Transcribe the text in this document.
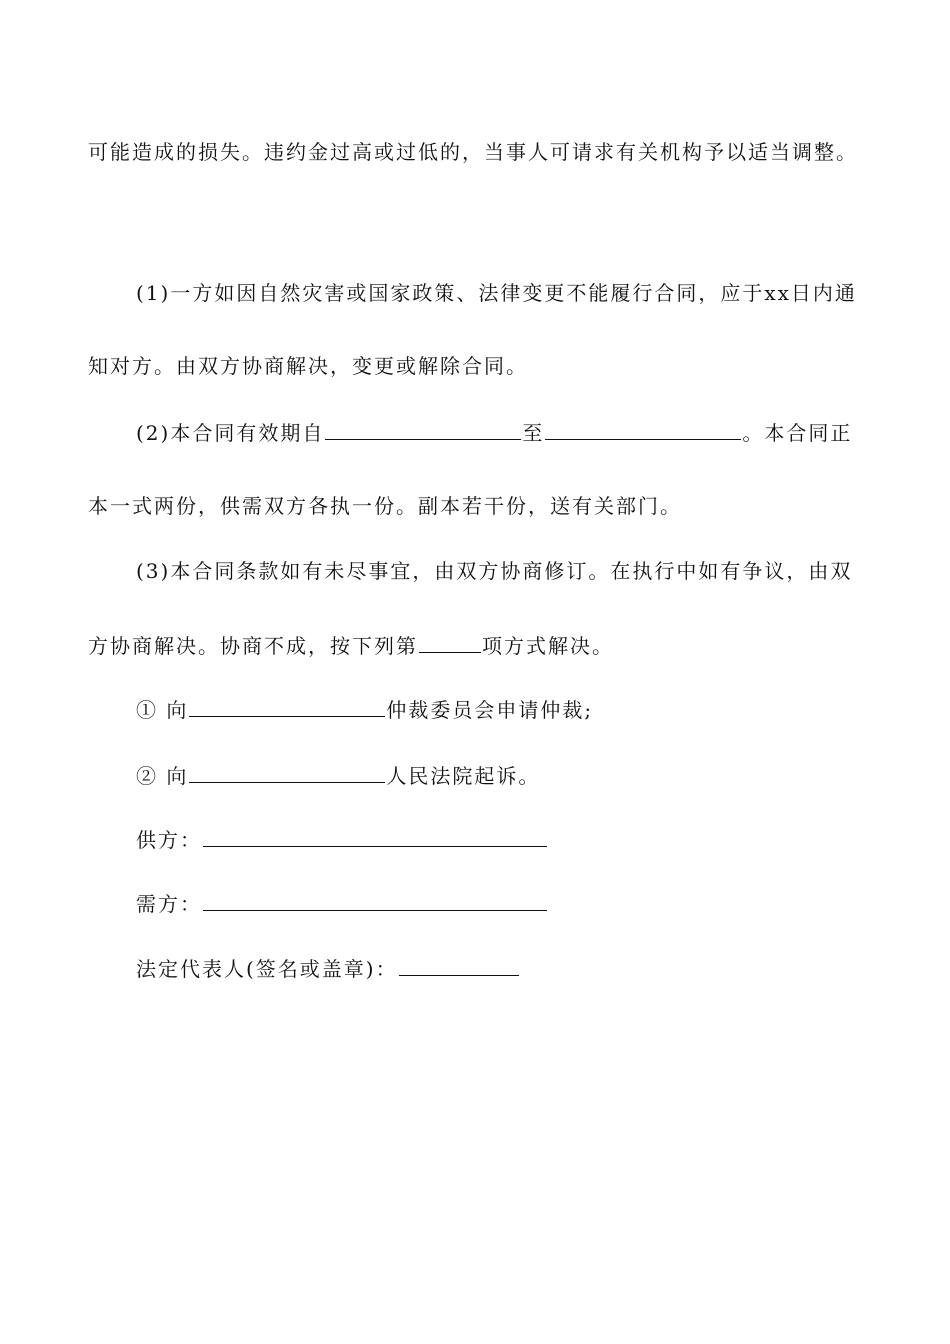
可能造成的损失。违约金过高或过低的，当事人可请求有关机构予以适当调整。
(1)一方如因自然灾害或国家政策、法律变更不能履行合同，应于xx日内通
知对方。由双方协商解决，变更或解除合同。
(2)本合同有效期自	至	。本合同正
本一式两份，供需双方各执一份。副本若干份，送有关部门。
(3)本合同条款如有未尽事宜，由双方协商修订。在执行中如有争议，由双
方协商解决。协商不成，按下列第	项方式解决。
① 向	仲裁委员会申请仲裁;
② 向	人民法院起诉。
供方：
需方：
法定代表人(签名或盖章)：
